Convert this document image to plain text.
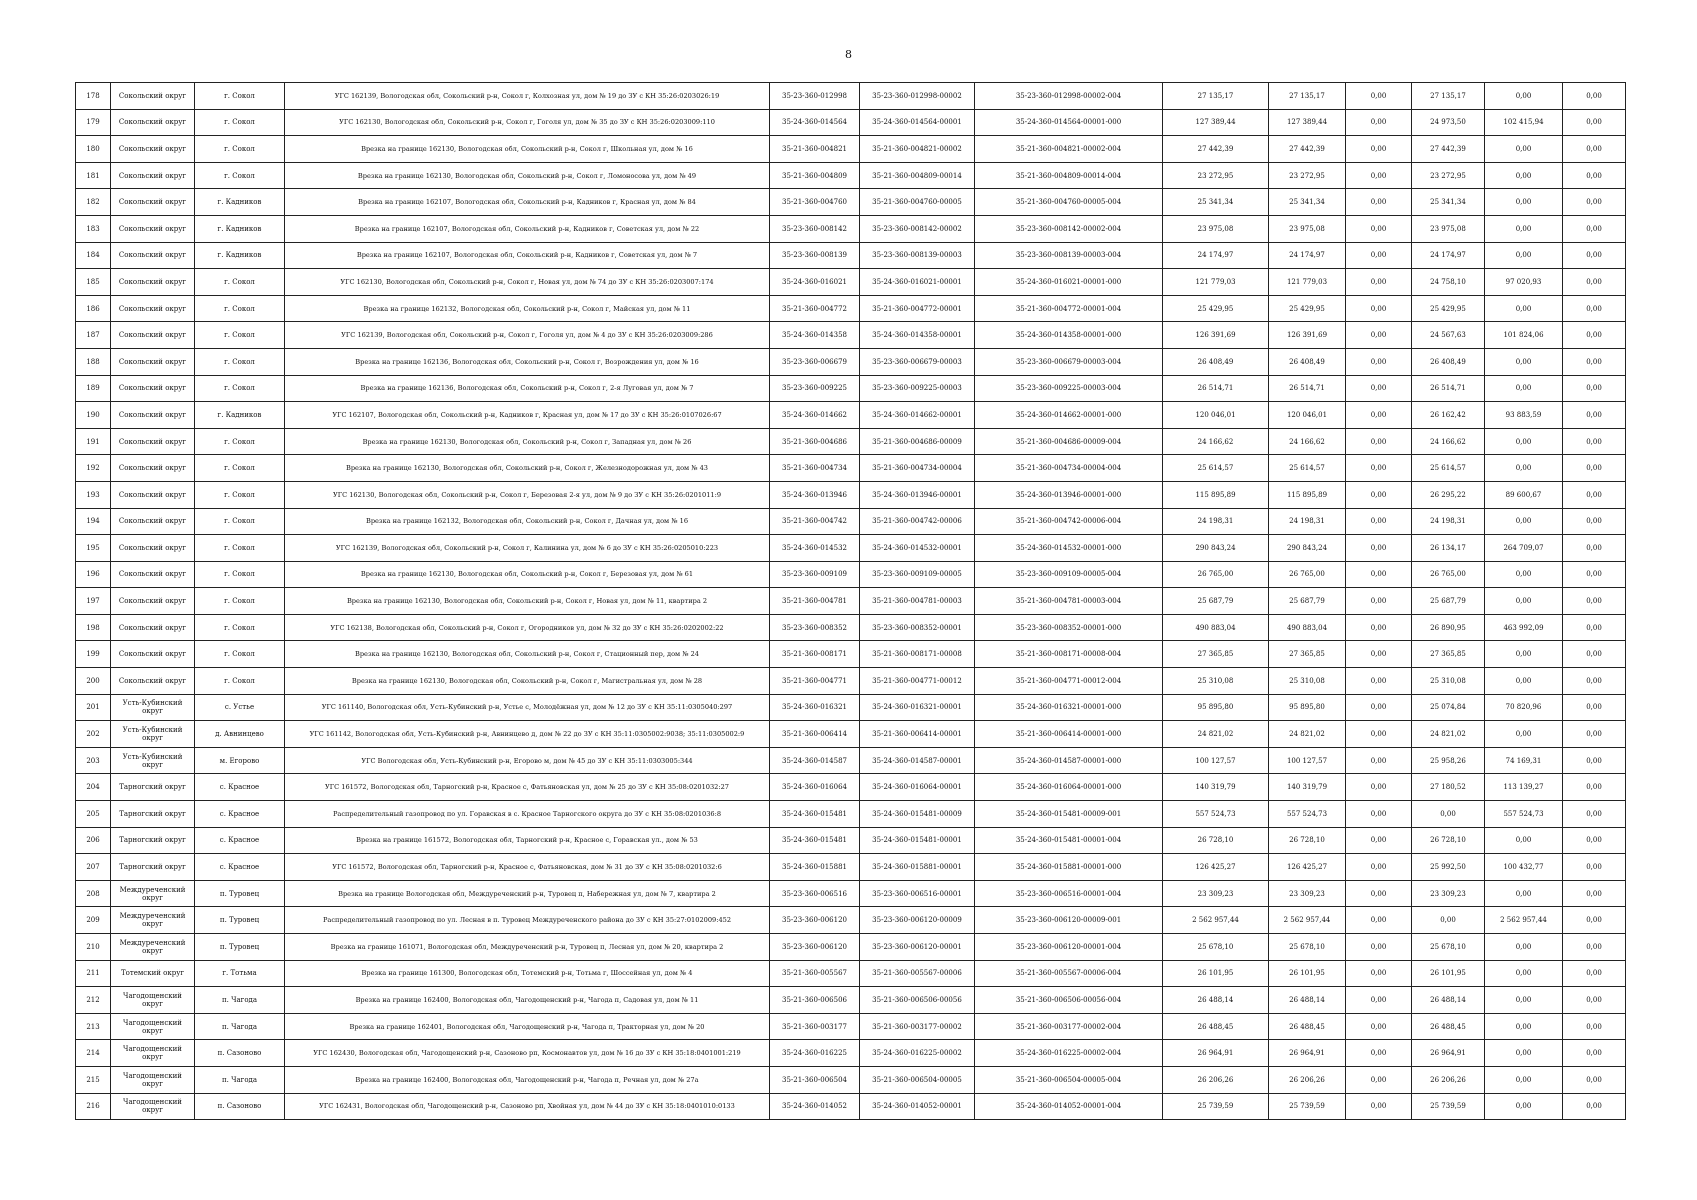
8
178	Сокольский округ	г. Сокол	УГС 162139, Вологодская обл, Сокольский р-н, Сокол г, Колхозная ул, дом № 19 до ЗУ с КН 35:26:0203026:19	35-23-360-012998	35-23-360-012998-00002	35-23-360-012998-00002-004	27 135,17	27 135,17	0,00	27 135,17	0,00	0,00
179	Сокольский округ	г. Сокол	УГС 162130, Вологодская обл, Сокольский р-н, Сокол г, Гоголя ул, дом № 35 до ЗУ с КН 35:26:0203009:110	35-24-360-014564	35-24-360-014564-00001	35-24-360-014564-00001-000	127 389,44	127 389,44	0,00	24 973,50	102 415,94	0,00
180	Сокольский округ	г. Сокол	Врезка на границе 162130, Вологодская обл, Сокольский р-н, Сокол г, Школьная ул, дом № 16	35-21-360-004821	35-21-360-004821-00002	35-21-360-004821-00002-004	27 442,39	27 442,39	0,00	27 442,39	0,00	0,00
181	Сокольский округ	г. Сокол	Врезка на границе 162130, Вологодская обл, Сокольский р-н, Сокол г, Ломоносова ул, дом № 49	35-21-360-004809	35-21-360-004809-00014	35-21-360-004809-00014-004	23 272,95	23 272,95	0,00	23 272,95	0,00	0,00
182	Сокольский округ	г. Кадников	Врезка на границе 162107, Вологодская обл, Сокольский р-н, Кадников г, Красная ул, дом № 84	35-21-360-004760	35-21-360-004760-00005	35-21-360-004760-00005-004	25 341,34	25 341,34	0,00	25 341,34	0,00	0,00
183	Сокольский округ	г. Кадников	Врезка на границе 162107, Вологодская обл, Сокольский р-н, Кадников г, Советская ул, дом № 22	35-23-360-008142	35-23-360-008142-00002	35-23-360-008142-00002-004	23 975,08	23 975,08	0,00	23 975,08	0,00	0,00
184	Сокольский округ	г. Кадников	Врезка на границе 162107, Вологодская обл, Сокольский р-н, Кадников г, Советская ул, дом № 7	35-23-360-008139	35-23-360-008139-00003	35-23-360-008139-00003-004	24 174,97	24 174,97	0,00	24 174,97	0,00	0,00
185	Сокольский округ	г. Сокол	УГС 162130, Вологодская обл, Сокольский р-н, Сокол г, Новая ул, дом № 74 до ЗУ с КН 35:26:0203007:174	35-24-360-016021	35-24-360-016021-00001	35-24-360-016021-00001-000	121 779,03	121 779,03	0,00	24 758,10	97 020,93	0,00
186	Сокольский округ	г. Сокол	Врезка на границе 162132, Вологодская обл, Сокольский р-н, Сокол г, Майская ул, дом № 11	35-21-360-004772	35-21-360-004772-00001	35-21-360-004772-00001-004	25 429,95	25 429,95	0,00	25 429,95	0,00	0,00
187	Сокольский округ	г. Сокол	УГС 162139, Вологодская обл, Сокольский р-н, Сокол г, Гоголя ул, дом № 4 до ЗУ с КН 35:26:0203009:286	35-24-360-014358	35-24-360-014358-00001	35-24-360-014358-00001-000	126 391,69	126 391,69	0,00	24 567,63	101 824,06	0,00
188	Сокольский округ	г. Сокол	Врезка на границе 162136, Вологодская обл, Сокольский р-н, Сокол г, Возрождения ул, дом № 16	35-23-360-006679	35-23-360-006679-00003	35-23-360-006679-00003-004	26 408,49	26 408,49	0,00	26 408,49	0,00	0,00
189	Сокольский округ	г. Сокол	Врезка на границе 162136, Вологодская обл, Сокольский р-н, Сокол г, 2-я Луговая ул, дом № 7	35-23-360-009225	35-23-360-009225-00003	35-23-360-009225-00003-004	26 514,71	26 514,71	0,00	26 514,71	0,00	0,00
190	Сокольский округ	г. Кадников	УГС 162107, Вологодская обл, Сокольский р-н, Кадников г, Красная ул, дом № 17 до ЗУ с КН 35:26:0107026:67	35-24-360-014662	35-24-360-014662-00001	35-24-360-014662-00001-000	120 046,01	120 046,01	0,00	26 162,42	93 883,59	0,00
191	Сокольский округ	г. Сокол	Врезка на границе 162130, Вологодская обл, Сокольский р-н, Сокол г, Западная ул, дом № 26	35-21-360-004686	35-21-360-004686-00009	35-21-360-004686-00009-004	24 166,62	24 166,62	0,00	24 166,62	0,00	0,00
192	Сокольский округ	г. Сокол	Врезка на границе 162130, Вологодская обл, Сокольский р-н, Сокол г, Железнодорожная ул, дом № 43	35-21-360-004734	35-21-360-004734-00004	35-21-360-004734-00004-004	25 614,57	25 614,57	0,00	25 614,57	0,00	0,00
193	Сокольский округ	г. Сокол	УГС 162130, Вологодская обл, Сокольский р-н, Сокол г, Березовая 2-я ул, дом № 9 до ЗУ с КН 35:26:0201011:9	35-24-360-013946	35-24-360-013946-00001	35-24-360-013946-00001-000	115 895,89	115 895,89	0,00	26 295,22	89 600,67	0,00
194	Сокольский округ	г. Сокол	Врезка на границе 162132, Вологодская обл, Сокольский р-н, Сокол г, Дачная ул, дом № 16	35-21-360-004742	35-21-360-004742-00006	35-21-360-004742-00006-004	24 198,31	24 198,31	0,00	24 198,31	0,00	0,00
195	Сокольский округ	г. Сокол	УГС 162139, Вологодская обл, Сокольский р-н, Сокол г, Калинина ул, дом № 6 до ЗУ с КН 35:26:0205010:223	35-24-360-014532	35-24-360-014532-00001	35-24-360-014532-00001-000	290 843,24	290 843,24	0,00	26 134,17	264 709,07	0,00
196	Сокольский округ	г. Сокол	Врезка на границе 162130, Вологодская обл, Сокольский р-н, Сокол г, Березовая ул, дом № 61	35-23-360-009109	35-23-360-009109-00005	35-23-360-009109-00005-004	26 765,00	26 765,00	0,00	26 765,00	0,00	0,00
197	Сокольский округ	г. Сокол	Врезка на границе 162130, Вологодская обл, Сокольский р-н, Сокол г, Новая ул, дом № 11, квартира 2	35-21-360-004781	35-21-360-004781-00003	35-21-360-004781-00003-004	25 687,79	25 687,79	0,00	25 687,79	0,00	0,00
198	Сокольский округ	г. Сокол	УГС 162138, Вологодская обл, Сокольский р-н, Сокол г, Огородников ул, дом № 32 до ЗУ с КН 35:26:0202002:22	35-23-360-008352	35-23-360-008352-00001	35-23-360-008352-00001-000	490 883,04	490 883,04	0,00	26 890,95	463 992,09	0,00
199	Сокольский округ	г. Сокол	Врезка на границе 162130, Вологодская обл, Сокольский р-н, Сокол г, Стационный пер, дом № 24	35-21-360-008171	35-21-360-008171-00008	35-21-360-008171-00008-004	27 365,85	27 365,85	0,00	27 365,85	0,00	0,00
200	Сокольский округ	г. Сокол	Врезка на границе 162130, Вологодская обл, Сокольский р-н, Сокол г, Магистральная ул, дом № 28	35-21-360-004771	35-21-360-004771-00012	35-21-360-004771-00012-004	25 310,08	25 310,08	0,00	25 310,08	0,00	0,00
201	Усть-Кубинский округ	с. Устье	УГС 161140, Вологодская обл, Усть-Кубинский р-н, Устье с, Молодёжная ул, дом № 12 до ЗУ с КН 35:11:0305040:297	35-24-360-016321	35-24-360-016321-00001	35-24-360-016321-00001-000	95 895,80	95 895,80	0,00	25 074,84	70 820,96	0,00
202	Усть-Кубинский округ	д. Авнинцево	УГС 161142, Вологодская обл, Усть-Кубинский р-н, Авнинцево д, дом № 22 до ЗУ с КН 35:11:0305002:9038; 35:11:0305002:9	35-21-360-006414	35-21-360-006414-00001	35-21-360-006414-00001-000	24 821,02	24 821,02	0,00	24 821,02	0,00	0,00
203	Усть-Кубинский округ	м. Егорово	УГС Вологодская обл, Усть-Кубинский р-н, Егорово м, дом № 45 до ЗУ с КН 35:11:0303005:344	35-24-360-014587	35-24-360-014587-00001	35-24-360-014587-00001-000	100 127,57	100 127,57	0,00	25 958,26	74 169,31	0,00
204	Тарногский округ	с. Красное	УГС 161572, Вологодская обл, Тарногский р-н, Красное с, Фатьяновская ул, дом № 25 до ЗУ с КН 35:08:0201032:27	35-24-360-016064	35-24-360-016064-00001	35-24-360-016064-00001-000	140 319,79	140 319,79	0,00	27 180,52	113 139,27	0,00
205	Тарногский округ	с. Красное	Распределительный газопровод по ул. Горавская в с. Красное Тарногского округа до ЗУ с КН 35:08:0201036:8	35-24-360-015481	35-24-360-015481-00009	35-24-360-015481-00009-001	557 524,73	557 524,73	0,00	0,00	557 524,73	0,00
206	Тарногский округ	с. Красное	Врезка на границе 161572, Вологодская обл, Тарногский р-н, Красное с, Горавская ул., дом № 53	35-24-360-015481	35-24-360-015481-00001	35-24-360-015481-00001-004	26 728,10	26 728,10	0,00	26 728,10	0,00	0,00
207	Тарногский округ	с. Красное	УГС 161572, Вологодская обл, Тарногский р-н, Красное с, Фатьяновская, дом № 31 до ЗУ с КН 35:08:0201032:6	35-24-360-015881	35-24-360-015881-00001	35-24-360-015881-00001-000	126 425,27	126 425,27	0,00	25 992,50	100 432,77	0,00
208	Междуреченский округ	п. Туровец	Врезка на границе Вологодская обл, Междуреченский р-н, Туровец п, Набережная ул, дом № 7, квартира 2	35-23-360-006516	35-23-360-006516-00001	35-23-360-006516-00001-004	23 309,23	23 309,23	0,00	23 309,23	0,00	0,00
209	Междуреченский округ	п. Туровец	Распределительный газопровод по ул. Лесная в п. Туровец Междуреченского района до ЗУ с КН 35:27:0102009:452	35-23-360-006120	35-23-360-006120-00009	35-23-360-006120-00009-001	2 562 957,44	2 562 957,44	0,00	0,00	2 562 957,44	0,00
210	Междуреченский округ	п. Туровец	Врезка на границе 161071, Вологодская обл, Междуреченский р-н, Туровец п, Лесная ул, дом № 20, квартира 2	35-23-360-006120	35-23-360-006120-00001	35-23-360-006120-00001-004	25 678,10	25 678,10	0,00	25 678,10	0,00	0,00
211	Тотемский округ	г. Тотьма	Врезка на границе 161300, Вологодская обл, Тотемский р-н, Тотьма г, Шоссейная ул, дом № 4	35-21-360-005567	35-21-360-005567-00006	35-21-360-005567-00006-004	26 101,95	26 101,95	0,00	26 101,95	0,00	0,00
212	Чагодощенский округ	п. Чагода	Врезка на границе 162400, Вологодская обл, Чагодощенский р-н, Чагода п, Садовая ул, дом № 11	35-21-360-006506	35-21-360-006506-00056	35-21-360-006506-00056-004	26 488,14	26 488,14	0,00	26 488,14	0,00	0,00
213	Чагодощенский округ	п. Чагода	Врезка на границе 162401, Вологодская обл, Чагодощенский р-н, Чагода п, Тракторная ул, дом № 20	35-21-360-003177	35-21-360-003177-00002	35-21-360-003177-00002-004	26 488,45	26 488,45	0,00	26 488,45	0,00	0,00
214	Чагодощенский округ	п. Сазоново	УГС 162430, Вологодская обл, Чагодощенский р-н, Сазоново рп, Космонавтов ул, дом № 16 до ЗУ с КН 35:18:0401001:219	35-24-360-016225	35-24-360-016225-00002	35-24-360-016225-00002-004	26 964,91	26 964,91	0,00	26 964,91	0,00	0,00
215	Чагодощенский округ	п. Чагода	Врезка на границе 162400, Вологодская обл, Чагодощенский р-н, Чагода п, Речная ул, дом № 27а	35-21-360-006504	35-21-360-006504-00005	35-21-360-006504-00005-004	26 206,26	26 206,26	0,00	26 206,26	0,00	0,00
216	Чагодощенский округ	п. Сазоново	УГС 162431, Вологодская обл, Чагодощенский р-н, Сазоново рп, Хвойная ул, дом № 44 до ЗУ с КН 35:18:0401010:0133	35-24-360-014052	35-24-360-014052-00001	35-24-360-014052-00001-004	25 739,59	25 739,59	0,00	25 739,59	0,00	0,00
